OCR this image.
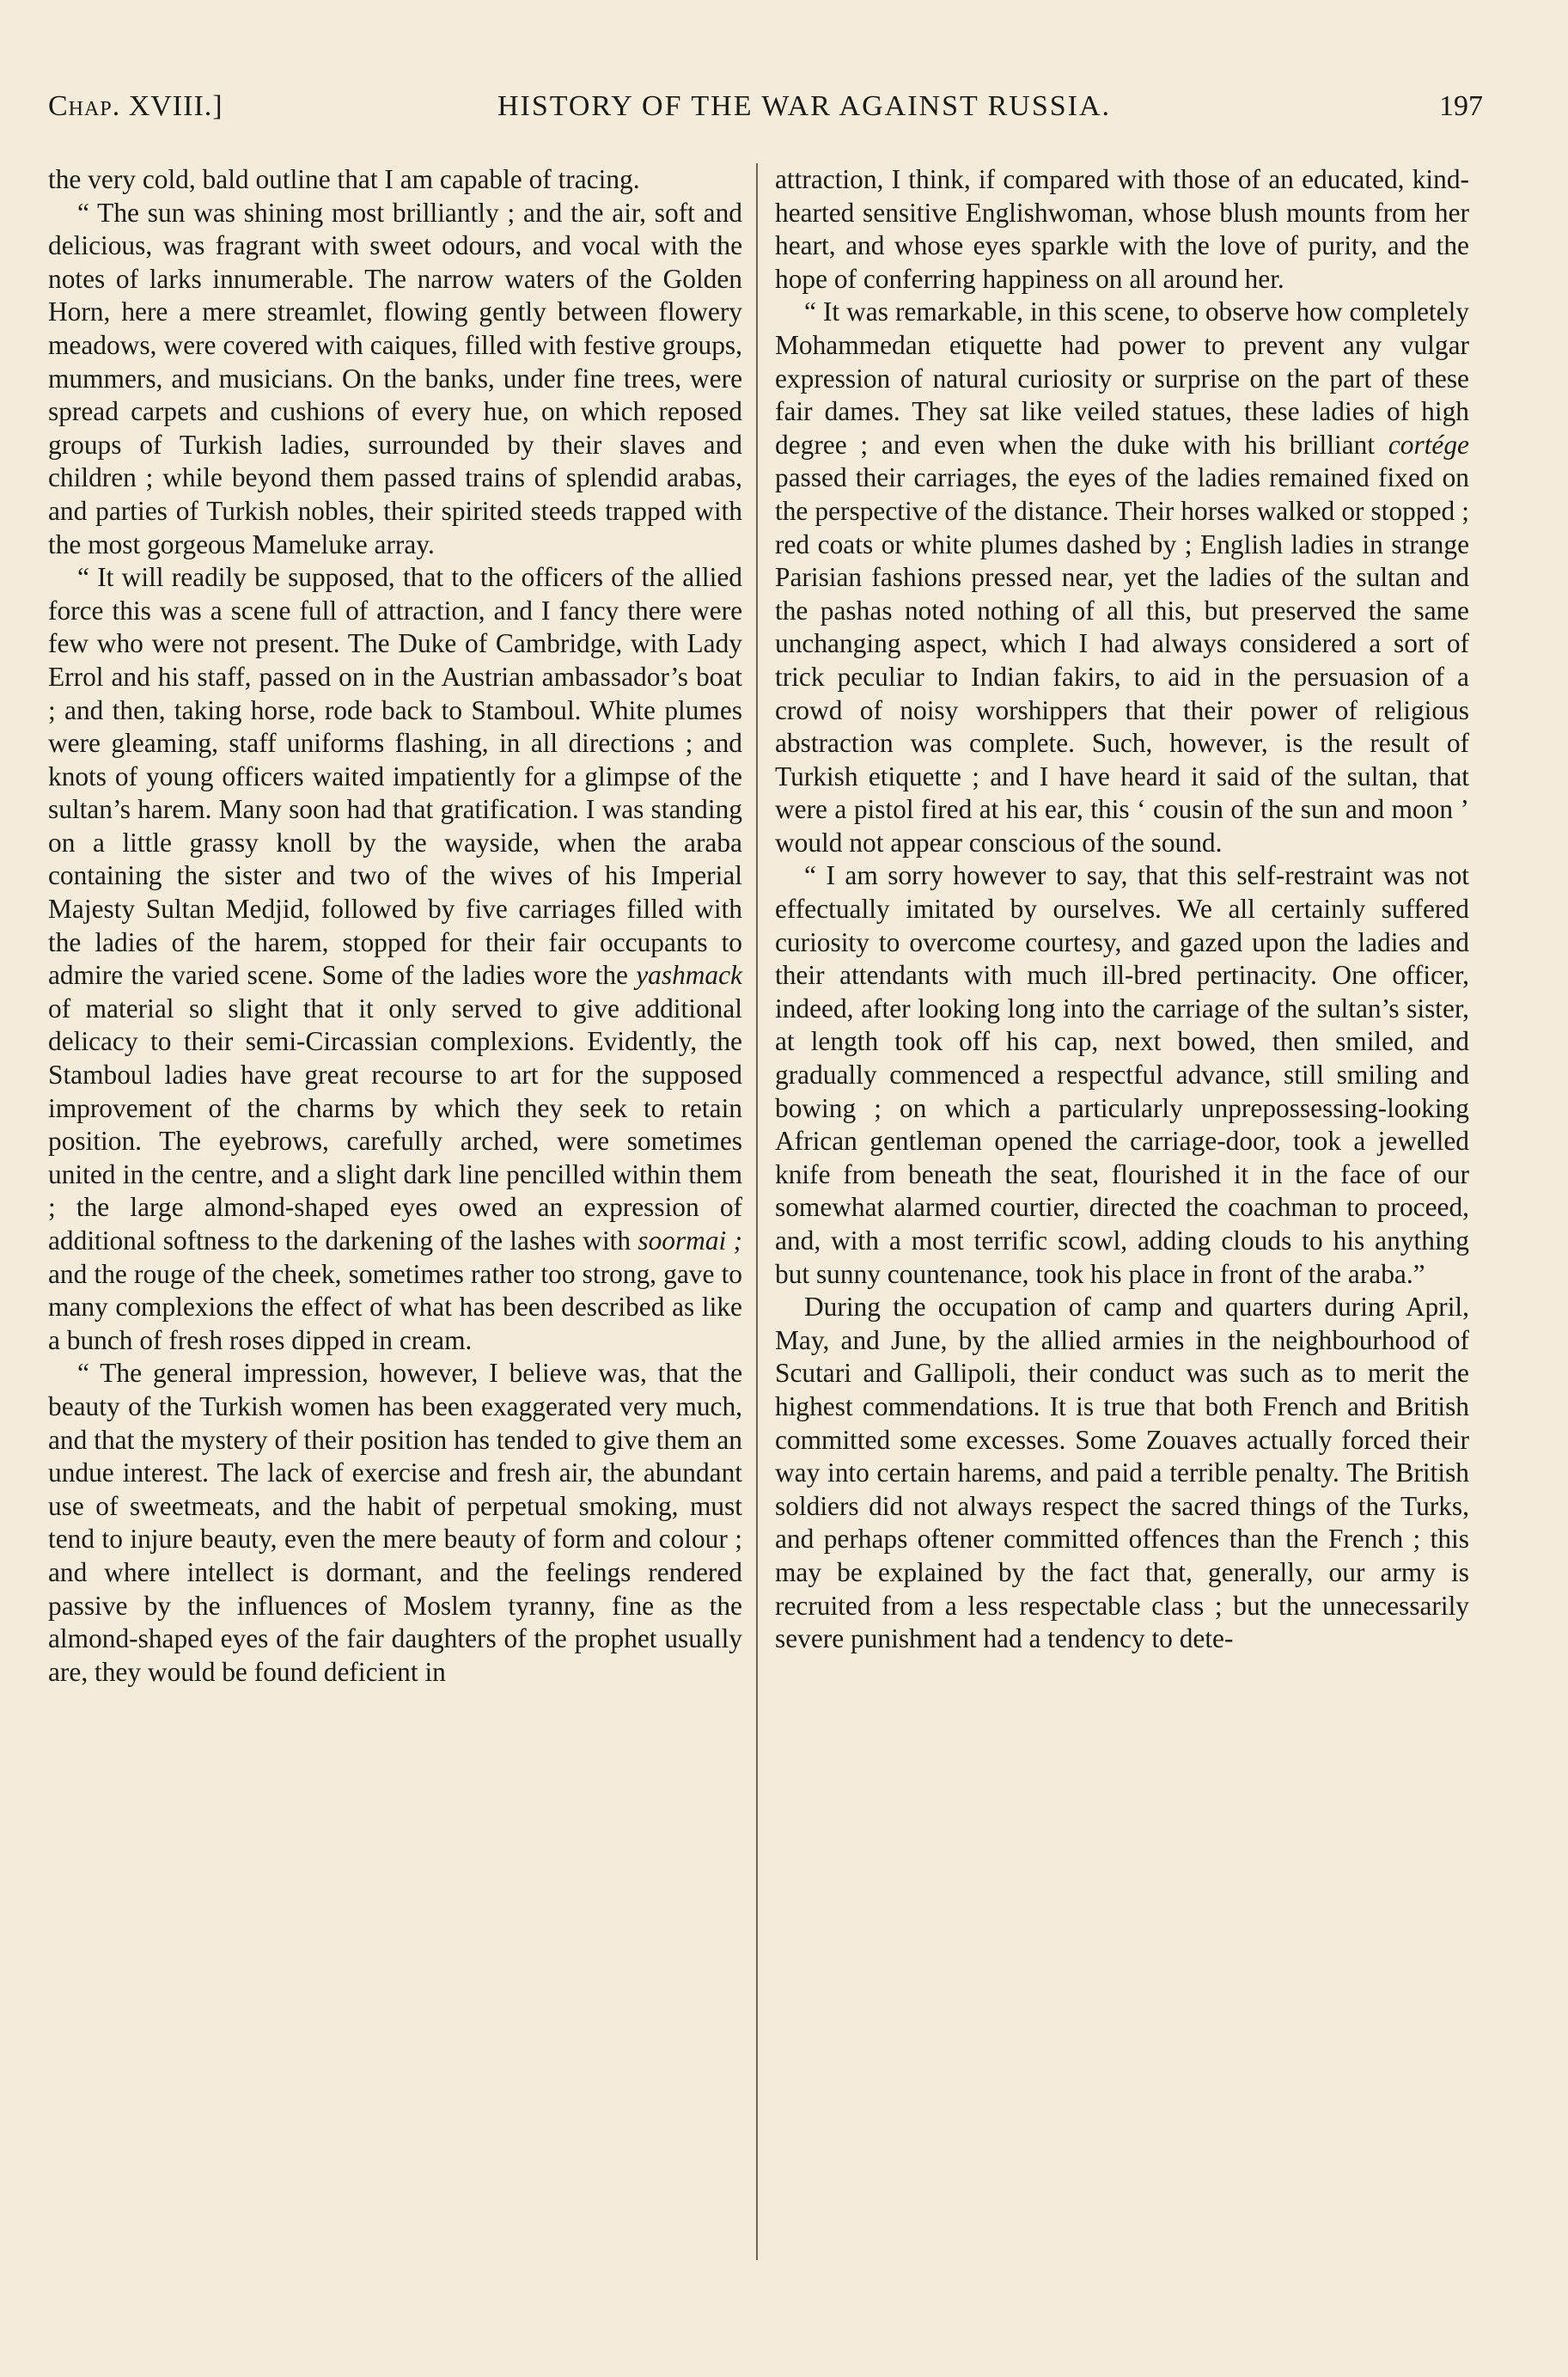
Chap. XVIII.]	HISTORY OF THE WAR AGAINST RUSSIA.	197

the very cold, bald outline that I am capable of tracing.

“ The sun was shining most brilliantly ; and the air, soft and delicious, was fragrant with sweet odours, and vocal with the notes of larks innumerable. The narrow waters of the Golden Horn, here a mere streamlet, flowing gently between flowery meadows, were covered with caiques, filled with festive groups, mummers, and musicians. On the banks, under fine trees, were spread carpets and cushions of every hue, on which reposed groups of Turkish ladies, surrounded by their slaves and children ; while beyond them passed trains of splendid arabas, and parties of Turkish nobles, their spirited steeds trapped with the most gorgeous Mameluke array.

“ It will readily be supposed, that to the officers of the allied force this was a scene full of attraction, and I fancy there were few who were not present. The Duke of Cambridge, with Lady Errol and his staff, passed on in the Austrian ambassador’s boat ; and then, taking horse, rode back to Stamboul. White plumes were gleaming, staff uniforms flashing, in all directions ; and knots of young officers waited impatiently for a glimpse of the sultan’s harem. Many soon had that gratification. I was standing on a little grassy knoll by the wayside, when the araba containing the sister and two of the wives of his Imperial Majesty Sultan Medjid, followed by five carriages filled with the ladies of the harem, stopped for their fair occupants to admire the varied scene. Some of the ladies wore the yashmack of material so slight that it only served to give additional delicacy to their semi-Circassian complexions. Evidently, the Stamboul ladies have great recourse to art for the supposed improvement of the charms by which they seek to retain position. The eyebrows, carefully arched, were sometimes united in the centre, and a slight dark line pencilled within them ; the large almond-shaped eyes owed an expression of additional softness to the darkening of the lashes with soormai ; and the rouge of the cheek, sometimes rather too strong, gave to many complexions the effect of what has been described as like a bunch of fresh roses dipped in cream.

“ The general impression, however, I believe was, that the beauty of the Turkish women has been exaggerated very much, and that the mystery of their position has tended to give them an undue interest. The lack of exercise and fresh air, the abundant use of sweetmeats, and the habit of perpetual smoking, must tend to injure beauty, even the mere beauty of form and colour ; and where intellect is dormant, and the feelings rendered passive by the influences of Moslem tyranny, fine as the almond-shaped eyes of the fair daughters of the prophet usually are, they would be found deficient in

attraction, I think, if compared with those of an educated, kind-hearted sensitive Englishwoman, whose blush mounts from her heart, and whose eyes sparkle with the love of purity, and the hope of conferring happiness on all around her.

“ It was remarkable, in this scene, to observe how completely Mohammedan etiquette had power to prevent any vulgar expression of natural curiosity or surprise on the part of these fair dames. They sat like veiled statues, these ladies of high degree ; and even when the duke with his brilliant cortége passed their carriages, the eyes of the ladies remained fixed on the perspective of the distance. Their horses walked or stopped ; red coats or white plumes dashed by ; English ladies in strange Parisian fashions pressed near, yet the ladies of the sultan and the pashas noted nothing of all this, but preserved the same unchanging aspect, which I had always considered a sort of trick peculiar to Indian fakirs, to aid in the persuasion of a crowd of noisy worshippers that their power of religious abstraction was complete. Such, however, is the result of Turkish etiquette ; and I have heard it said of the sultan, that were a pistol fired at his ear, this ‘ cousin of the sun and moon ’ would not appear conscious of the sound.

“ I am sorry however to say, that this self-restraint was not effectually imitated by ourselves. We all certainly suffered curiosity to overcome courtesy, and gazed upon the ladies and their attendants with much ill-bred pertinacity. One officer, indeed, after looking long into the carriage of the sultan’s sister, at length took off his cap, next bowed, then smiled, and gradually commenced a respectful advance, still smiling and bowing ; on which a particularly unprepossessing-looking African gentleman opened the carriage-door, took a jewelled knife from beneath the seat, flourished it in the face of our somewhat alarmed courtier, directed the coachman to proceed, and, with a most terrific scowl, adding clouds to his anything but sunny countenance, took his place in front of the araba.”

During the occupation of camp and quarters during April, May, and June, by the allied armies in the neighbourhood of Scutari and Gallipoli, their conduct was such as to merit the highest commendations. It is true that both French and British committed some excesses. Some Zouaves actually forced their way into certain harems, and paid a terrible penalty. The British soldiers did not always respect the sacred things of the Turks, and perhaps oftener committed offences than the French ; this may be explained by the fact that, generally, our army is recruited from a less respectable class ; but the unnecessarily severe punishment had a tendency to dete-
